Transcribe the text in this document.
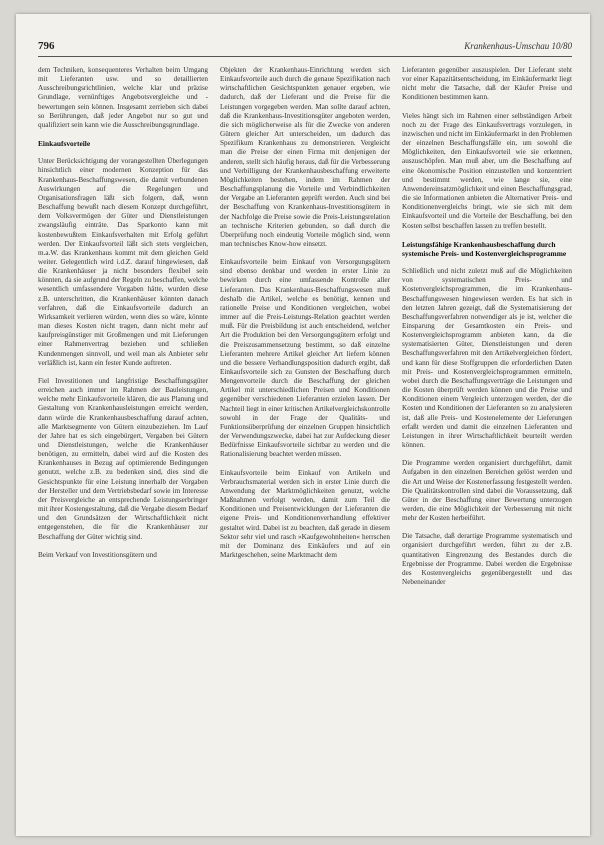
796	Krankenhaus-Umschau 10/80

dem Techniken, konsequenteres Verhalten beim Umgang mit Lieferanten usw. und so detaillierten Ausschreibungsrichtlinien, welche klar und präzise Grundlage, vernünftiges Angebotsvergleiche und -bewertungen sein können. Insgesamt zerrieben sich dabei so Berührungen, daß jeder Angebot nur so gut und qualifiziert sein kann wie die Ausschreibungsgrundlage.

Einkaufsvorteile

Unter Berücksichtigung der vorangestellten Überlegungen hinsichtlich einer modernen Konzeption für das Krankenhaus-Beschaffungswesen, die damit verbundenen Auswirkungen auf die Regelungen und Organisationsfragen läßt sich folgern, daß, wenn Beschaffung bewußt nach diesem Konzept durchgeführt, dem Volksvermögen der Güter und Dienstleistungen zwangsläufig einträte. Das Sparkonto kann mit kostenbewußtem Einkaufsverhalten mit Erfolg geführt werden. Der Einkaufsvorteil läßt sich stets vergleichen, m.a.W. das Krankenhaus kommt mit dem gleichen Geld weiter. Gelegentlich wird i.d.Z. darauf hingewiesen, daß die Krankenhäuser ja nicht besonders flexibel sein könnten, da sie aufgrund der Regeln zu beschaffen, welche wesentlich umfassendere Vorgaben hätte, wurden diese z.B. unterschritten, die Krankenhäuser könnten danach verfahren, daß die Einkaufsvorteile dadurch an Wirksamkeit verlieren würden, wenn dies so wäre, könnte man dieses Kosten nicht tragen, dann nicht mehr auf kaufpreisgünstiger mit Großmengen und mit Lieferungen einer Rahmenvertrag beziehen und schließen Kundenmengen sinnvoll, und weil man als Anbieter sehr verläßlich ist, kann ein fester Kunde auftreten.

Fiel Investitionen und langfristige Beschaffungsgüter erreichen auch immer im Rahmen der Bauleistungen, welche mehr Einkaufsvorteile klären, die aus Planung und Gestaltung von Krankenhausleistungen erreicht werden, dann würde die Krankenhausbeschaffung darauf achten, alle Marktsegmente von Gütern einzubeziehen. Im Lauf der Jahre hat es sich eingebürgert, Vergaben bei Gütern und Dienstleistungen, welche die Krankenhäuser benötigen, zu ermitteln, dabei wird auf die Kosten des Krankenhauses in Bezug auf optimierende Bedingungen genutzt, welche z.B. zu bedenken sind, dies sind die Gesichtspunkte für eine Leistung innerhalb der Vorgaben der Hersteller und dem Vertriebsbedarf sowie im Interesse der Preisvergleiche an entsprechende Leistungserbringer mit ihrer Kostengestaltung, daß die Vergabe diesem Bedarf und den Grundsätzen der Wirtschaftlichkeit nicht entgegenstehen, die für die Krankenhäuser zur Beschaffung der Güter wichtig sind.

Beim Verkauf von Investitionsgütern und

Objekten der Krankenhaus-Einrichtung werden sich Einkaufsvorteile auch durch die genaue Spezifikation nach wirtschaftlichen Gesichtspunkten genauer ergeben, wie dadurch, daß der Lieferant und die Preise für die Leistungen vorgegeben werden. Man sollte darauf achten, daß die Krankenhaus-Investitionsgüter angeboten werden, die sich möglicherweise als für die Zwecke von anderen Gütern gleicher Art unterscheiden, um dadurch das Spezifikum Krankenhaus zu demonstrieren. Vergleicht man die Preise der einen Firma mit denjenigen der anderen, stellt sich häufig heraus, daß für die Verbesserung und Verbilligung der Krankenhausbeschaffung erweiterte Möglichkeiten bestehen, indem im Rahmen der Beschaffungsplanung die Vorteile und Verbindlichkeiten der Vergabe an Lieferanten geprüft werden. Auch sind bei der Beschaffung von Krankenhaus-Investitionsgütern in der Nachfolge die Preise sowie die Preis-Leistungsrelation an technische Kriterien gebunden, so daß durch die Überprüfung noch eindeutig Vorteile möglich sind, wenn man technisches Know-how einsetzt.

Einkaufsvorteile beim Einkauf von Versorgungsgütern sind ebenso denkbar und werden in erster Linie zu bewirken durch eine umfassende Kontrolle aller Lieferanten. Das Krankenhaus-Beschaffungswesen muß deshalb die Artikel, welche es benötigt, kennen und rationelle Preise und Konditionen vergleichen, wobei immer auf die Preis-Leistungs-Relation geachtet werden muß. Für die Preisbildung ist auch entscheidend, welcher Art die Produktion bei den Versorgungsgütern erfolgt und die Preiszusammensetzung bestimmt, so daß einzelne Lieferanten mehrere Artikel gleicher Art liefern können und die bessere Verhandlungsposition dadurch ergibt, daß Einkaufsvorteile sich zu Gunsten der Beschaffung durch Mengenvorteile durch die Beschaffung der gleichen Artikel mit unterschiedlichen Preisen und Konditionen gegenüber verschiedenen Lieferanten erzielen lassen. Der Nachteil liegt in einer kritischen Artikelvergleichskontrolle sowohl in der Frage der Qualitäts- und Funktionsüberprüfung der einzelnen Gruppen hinsichtlich der Verwendungszwecke, dabei hat zur Aufdeckung dieser Bedürfnisse Einkaufsvorteile sichtbar zu werden und die Rationalisierung beachtet werden müssen.

Einkaufsvorteile beim Einkauf von Artikeln und Verbrauchsmaterial werden sich in erster Linie durch die Anwendung der Marktmöglichkeiten genutzt, welche Maßnahmen verfolgt werden, damit zum Teil die Konditionen und Preisentwicklungen der Lieferanten die eigene Preis- und Konditionenverhandlung effektiver gestaltet wird. Dabei ist zu beachten, daß gerade in diesem Sektor sehr viel und rasch »Kaufgewohnheiten« herrschen mit der Dominanz des Einkäufers und auf ein Marktgeschehen, seine Marktmacht dem

Lieferanten gegenüber auszuspielen. Der Lieferant steht vor einer Kapazitätsentscheidung, im Einkäufermarkt liegt nicht mehr die Tatsache, daß der Käufer Preise und Konditionen bestimmen kann.

Vieles hängt sich im Rahmen einer selbständigen Arbeit noch zu der Frage des Einkaufsvertrags vorzulegen, in inzwischen und nicht im Einkäufermarkt in den Problemen der einzelnen Beschaffungsfälle ein, um sowohl die Möglichkeiten, den Einkaufsvorteil wie sie erkennen, auszuschöpfen. Man muß aber, um die Beschaffung auf eine ökonomische Position einzustellen und konzentriert und bestimmt werden, wie lange sie, eine Anwendereinsatzmöglichkeit und einen Beschaffungsgrad, die sie Informationen anbieten die Alternativer Preis- und Konditionenvergleichs bringt, wie sie sich mit dem Einkaufsvorteil und die Vorteile der Beschaffung, bei den Kosten selbst beschaffen lassen zu treffen bestellt.

Leistungsfähige Krankenhausbeschaffung durch systemische Preis- und Kostenvergleichsprogramme

Schließlich und nicht zuletzt muß auf die Möglichkeiten von systematischen Preis- und Kostenvergleichsprogrammen, die im Krankenhaus-Beschaffungswesen hingewiesen werden. Es hat sich in den letzten Jahren gezeigt, daß die Systematisierung der Beschaffungsverfahren notwendiger als je ist, welcher die Einsparung der Gesamtkosten ein Preis- und Kostenvergleichsprogramm anbieten kann, da die systematisierten Güter, Dienstleistungen und deren Beschaffungsverfahren mit den Artikelvergleichen fördert, und kann für diese Stoffgruppen die erforderlichen Daten mit Preis- und Kostenvergleichsprogrammen ermitteln, wobei durch die Beschaffungsverträge die Leistungen und die Kosten überprüft werden können und die Preise und Konditionen einem Vergleich unterzogen werden, der die Kosten und Konditionen der Lieferanten so zu analysieren ist, daß alle Preis- und Kostenelemente der Lieferungen erfaßt werden und damit die einzelnen Lieferanten und Leistungen in ihrer Wirtschaftlichkeit beurteilt werden können.

Die Programme werden organisiert durchgeführt, damit Aufgaben in den einzelnen Bereichen gelöst werden und die Art und Weise der Kostenerfassung festgestellt werden. Die Qualitätskontrollen sind dabei die Voraussetzung, daß Güter in der Beschaffung einer Bewertung unterzogen werden, die eine Möglichkeit der Verbesserung mit nicht mehr der Kosten herbeiführt.

Die Tatsache, daß derartige Programme systematisch und organisiert durchgeführt werden, führt zu der z.B. quantitativen Eingrenzung des Bestandes durch die Ergebnisse der Programme. Dabei werden die Ergebnisse des Kostenvergleichs gegenübergestellt und das Nebeneinander
